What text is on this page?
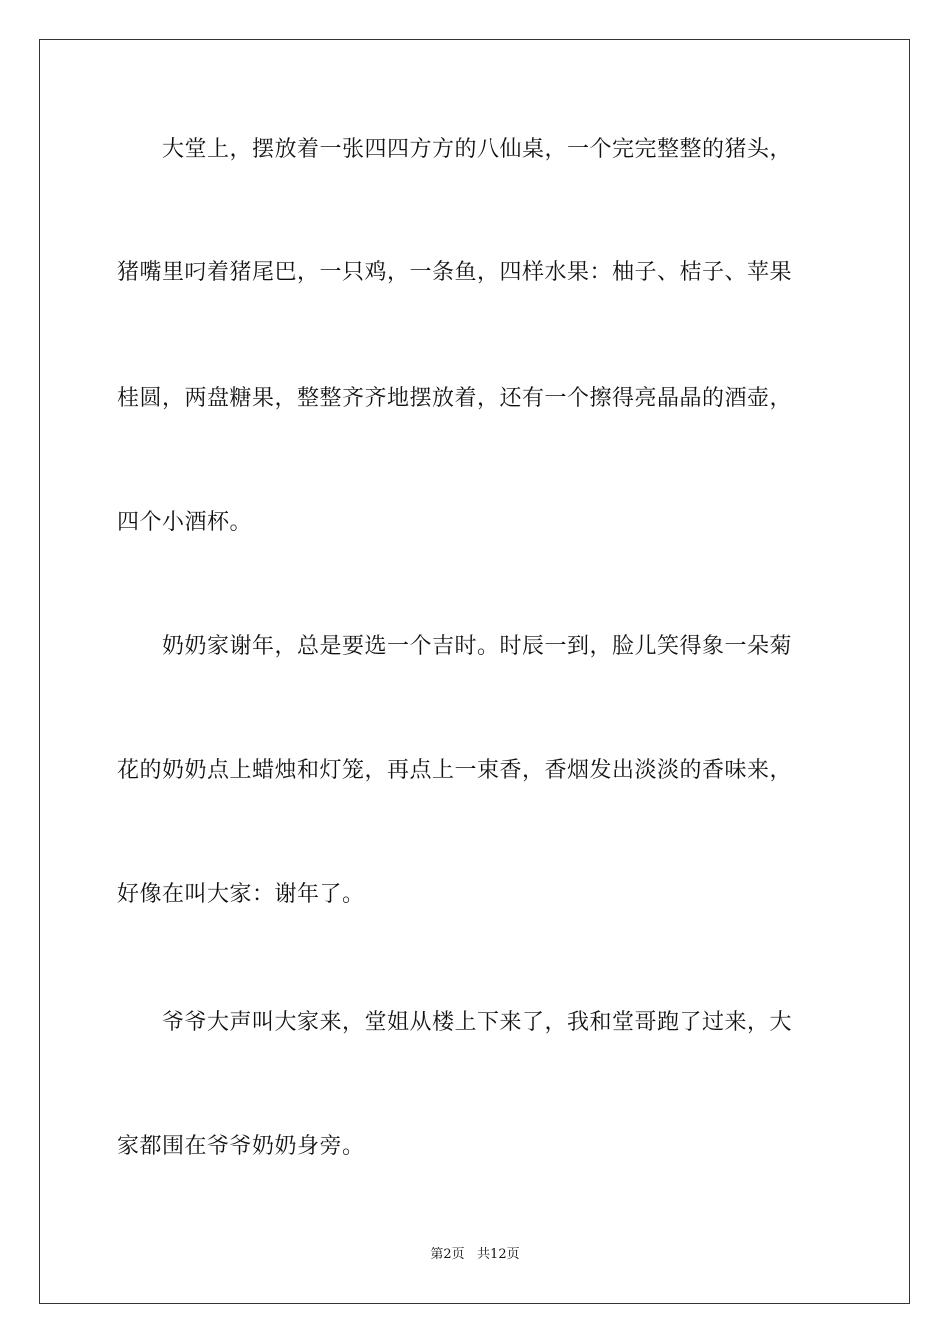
　　大堂上，摆放着一张四四方方的八仙桌，一个完完整整的猪头，
猪嘴里叼着猪尾巴，一只鸡，一条鱼，四样水果：柚子、桔子、苹果
桂圆，两盘糖果，整整齐齐地摆放着，还有一个擦得亮晶晶的酒壶，
四个小酒杯。
　　奶奶家谢年，总是要选一个吉时。时辰一到，脸儿笑得象一朵菊
花的奶奶点上蜡烛和灯笼，再点上一束香，香烟发出淡淡的香味来，
好像在叫大家：谢年了。
　　爷爷大声叫大家来，堂姐从楼上下来了，我和堂哥跑了过来，大
家都围在爷爷奶奶身旁。
第2页   共12页
